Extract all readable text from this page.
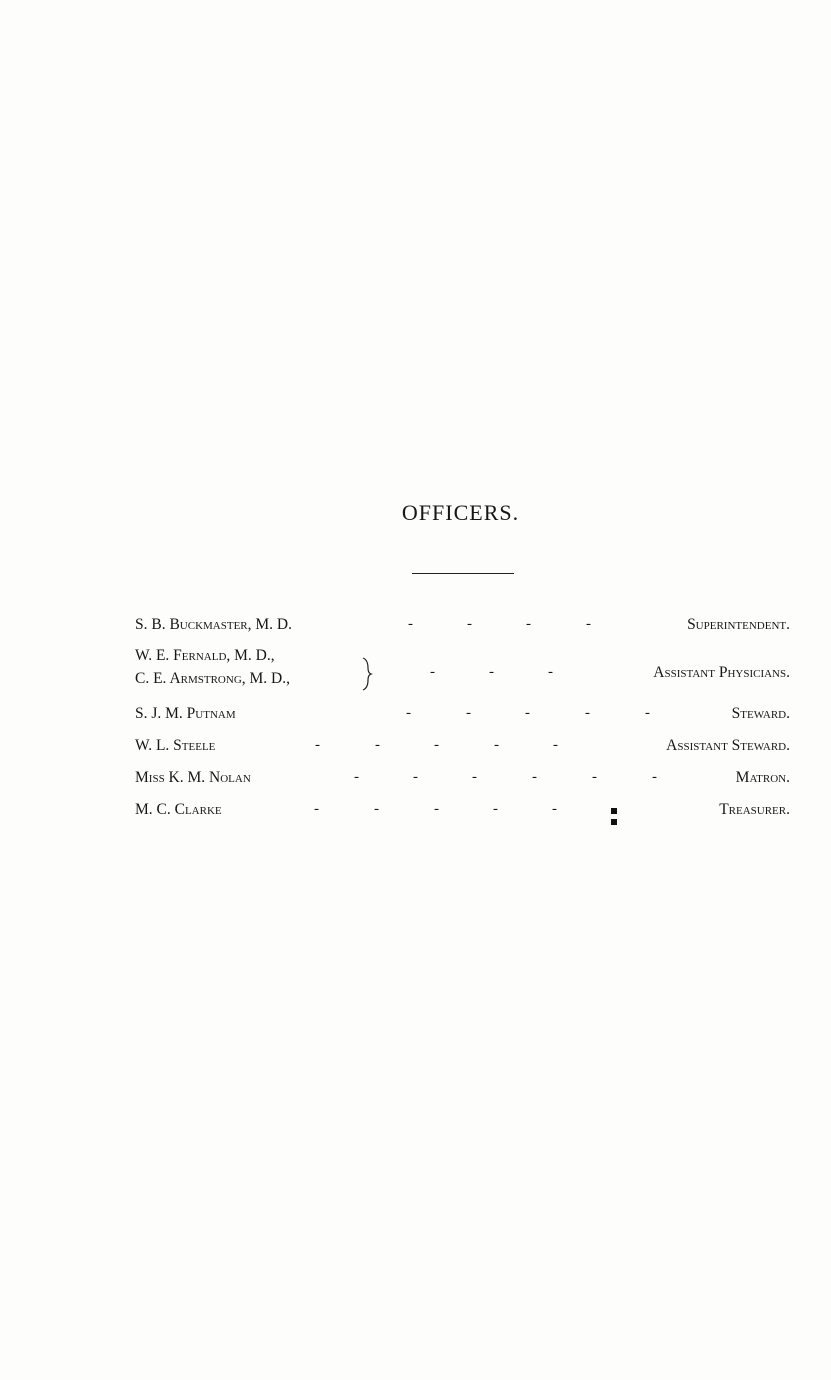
OFFICERS.
S. B. Buckmaster, M. D.	-	-	-	-	Superintendent.
W. E. Fernald, M. D.,
C. E. Armstrong, M. D.,	-	-	-	Assistant Physicians.
S. J. M. Putnam	-	-	-	-	-	Steward.
W. L. Steele	-	-	-	-	-	Assistant Steward.
Miss K. M. Nolan	-	-	-	-	-	-	Matron.
M. C. Clarke	-	-	-	-	-	Treasurer.
